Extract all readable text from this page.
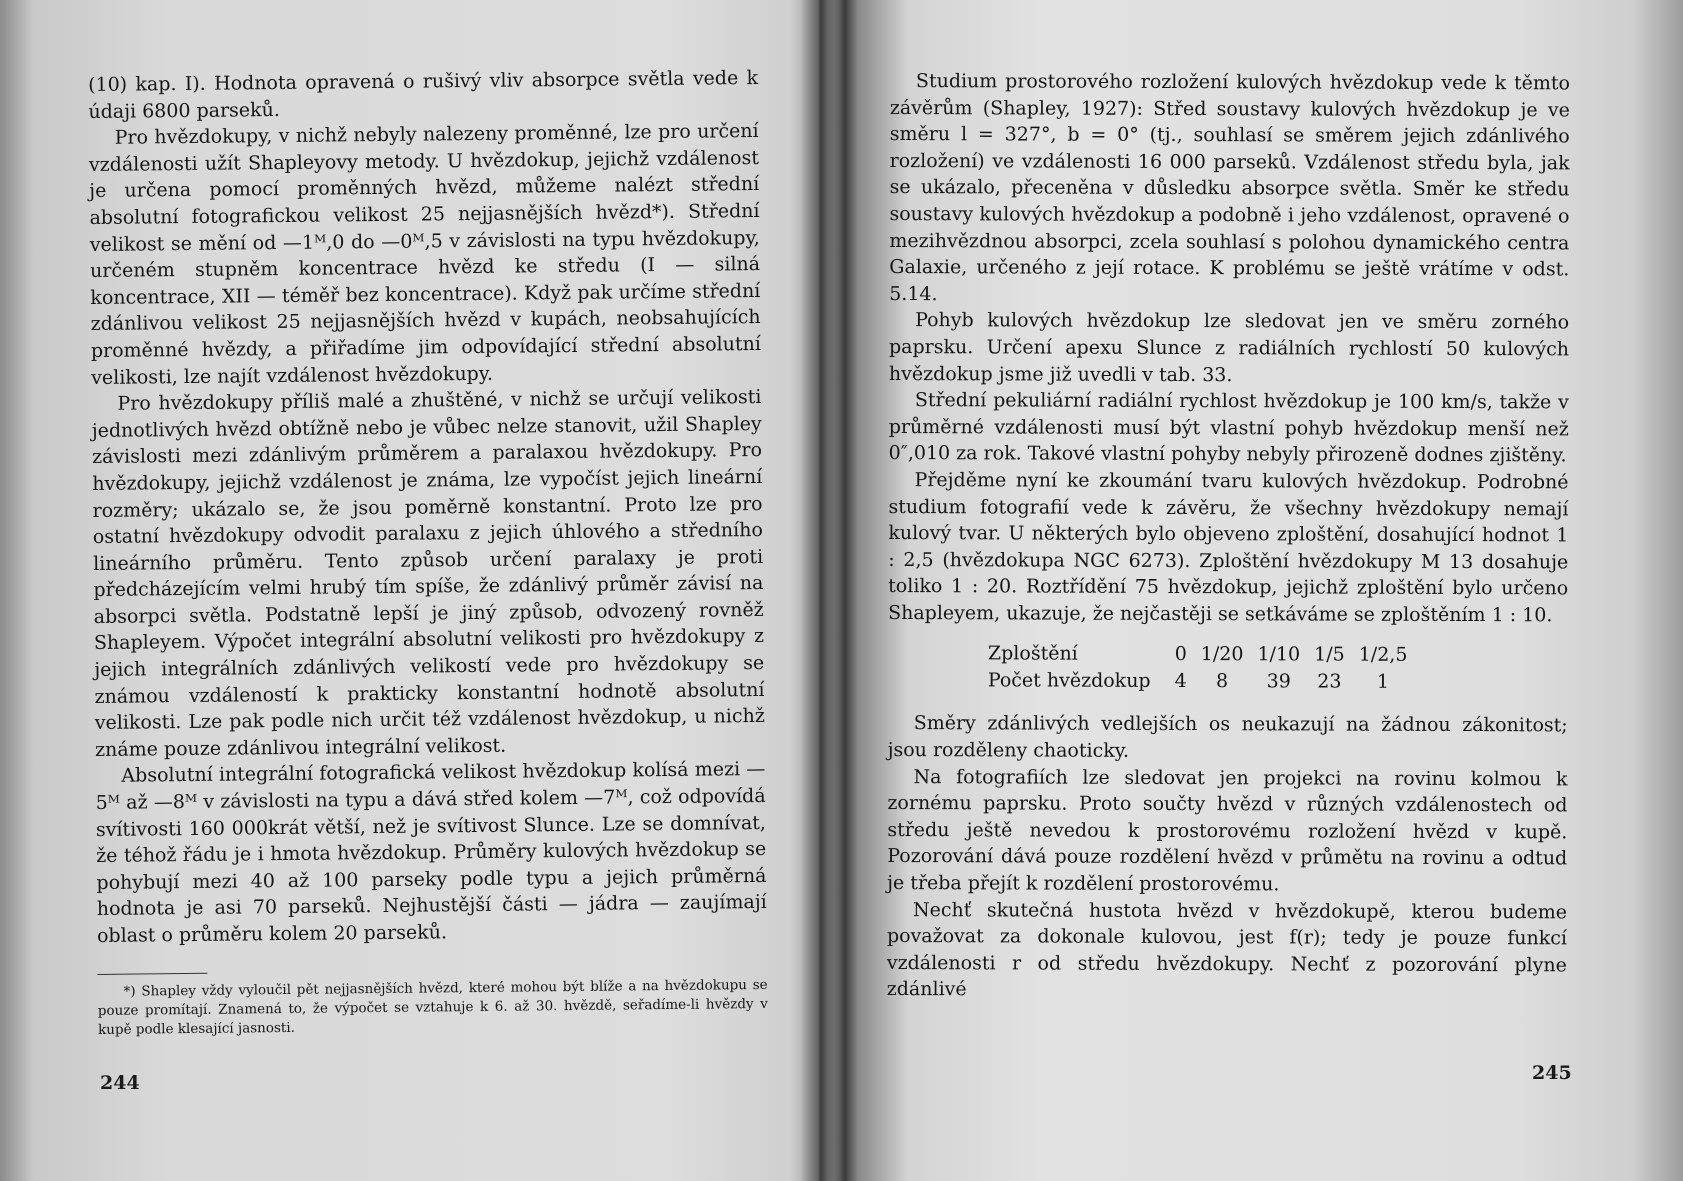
(10) kap. I). Hodnota opravená o rušivý vliv absorpce světla vede k údaji 6800 parseků.

Pro hvězdokupy, v nichž nebyly nalezeny proměnné, lze pro určení vzdálenosti užít Shapleyovy metody. U hvězdokup, jejichž vzdálenost je určena pomocí proměnných hvězd, můžeme nalézt střední absolutní fotografickou velikost 25 nejjasnějších hvězd*). Střední velikost se mění od —1ᴹ,0 do —0ᴹ,5 v závislosti na typu hvězdokupy, určeném stupněm koncentrace hvězd ke středu (I — silná koncentrace, XII — téměř bez koncentrace). Když pak určíme střední zdánlivou velikost 25 nejjasnějších hvězd v kupách, neobsahujících proměnné hvězdy, a přiřadíme jim odpovídající střední absolutní velikosti, lze najít vzdálenost hvězdokupy.

Pro hvězdokupy příliš malé a zhuštěné, v nichž se určují velikosti jednotlivých hvězd obtížně nebo je vůbec nelze stanovit, užil Shapley závislosti mezi zdánlivým průměrem a paralaxou hvězdokupy. Pro hvězdokupy, jejichž vzdálenost je známa, lze vypočíst jejich lineární rozměry; ukázalo se, že jsou poměrně konstantní. Proto lze pro ostatní hvězdokupy odvodit paralaxu z jejich úhlového a středního lineárního průměru. Tento způsob určení paralaxy je proti předcházejícím velmi hrubý tím spíše, že zdánlivý průměr závisí na absorpci světla. Podstatně lepší je jiný způsob, odvozený rovněž Shapleyem. Výpočet integrální absolutní velikosti pro hvězdokupy z jejich integrálních zdánlivých velikostí vede pro hvězdokupy se známou vzdáleností k prakticky konstantní hodnotě absolutní velikosti. Lze pak podle nich určit též vzdálenost hvězdokup, u nichž známe pouze zdánlivou integrální velikost.

Absolutní integrální fotografická velikost hvězdokup kolísá mezi —5ᴹ až —8ᴹ v závislosti na typu a dává střed kolem —7ᴹ, což odpovídá svítivosti 160 000krát větší, než je svítivost Slunce. Lze se domnívat, že téhož řádu je i hmota hvězdokup. Průměry kulových hvězdokup se pohybují mezi 40 až 100 parseky podle typu a jejich průměrná hodnota je asi 70 parseků. Nejhustější části — jádra — zaujímají oblast o průměru kolem 20 parseků.

*) Shapley vždy vyloučil pět nejjasnějších hvězd, které mohou být blíže a na hvězdokupu se pouze promítají. Znamená to, že výpočet se vztahuje k 6. až 30. hvězdě, seřadíme-li hvězdy v kupě podle klesající jasnosti.

244

Studium prostorového rozložení kulových hvězdokup vede k těmto závěrům (Shapley, 1927): Střed soustavy kulových hvězdokup je ve směru l = 327°, b = 0° (tj., souhlasí se směrem jejich zdánlivého rozložení) ve vzdálenosti 16 000 parseků. Vzdálenost středu byla, jak se ukázalo, přeceněna v důsledku absorpce světla. Směr ke středu soustavy kulových hvězdokup a podobně i jeho vzdálenost, opravené o mezihvězdnou absorpci, zcela souhlasí s polohou dynamického centra Galaxie, určeného z její rotace. K problému se ještě vrátíme v odst. 5.14.

Pohyb kulových hvězdokup lze sledovat jen ve směru zorného paprsku. Určení apexu Slunce z radiálních rychlostí 50 kulových hvězdokup jsme již uvedli v tab. 33.

Střední pekuliární radiální rychlost hvězdokup je 100 km/s, takže v průměrné vzdálenosti musí být vlastní pohyb hvězdokup menší než 0″,010 za rok. Takové vlastní pohyby nebyly přirozeně dodnes zjištěny.

Přejděme nyní ke zkoumání tvaru kulových hvězdokup. Podrobné studium fotografií vede k závěru, že všechny hvězdokupy nemají kulový tvar. U některých bylo objeveno zploštění, dosahující hodnot 1 : 2,5 (hvězdokupa NGC 6273). Zploštění hvězdokupy M 13 dosahuje toliko 1 : 20. Roztřídění 75 hvězdokup, jejichž zploštění bylo určeno Shapleyem, ukazuje, že nejčastěji se setkáváme se zploštěním 1 : 10.

Zploštění	0	1/20	1/10	1/5	1/2,5
Počet hvězdokup	4	8	39	23	1

Směry zdánlivých vedlejších os neukazují na žádnou zákonitost; jsou rozděleny chaoticky.

Na fotografiích lze sledovat jen projekci na rovinu kolmou k zornému paprsku. Proto součty hvězd v různých vzdálenostech od středu ještě nevedou k prostorovému rozložení hvězd v kupě. Pozorování dává pouze rozdělení hvězd v průmětu na rovinu a odtud je třeba přejít k rozdělení prostorovému.

Nechť skutečná hustota hvězd v hvězdokupě, kterou budeme považovat za dokonale kulovou, jest f(r); tedy je pouze funkcí vzdálenosti r od středu hvězdokupy. Nechť z pozorování plyne zdánlivé

245
